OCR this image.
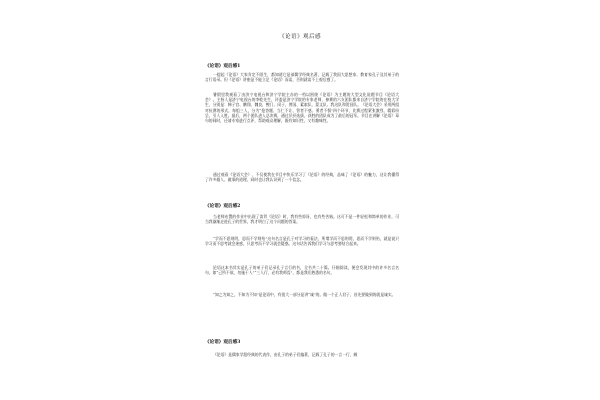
《论语》观后感
《论语》观后感1
一提起《论语》大家肯定不陌生，都知道它是部儒学经典名著，记载了我国大思想家、教育家孔子及其弟子的言行语录。但《论语》讲座是不能立足《论语》而谈，否则就谈不上观后感了。
暑假里我观看了由济宁电视台和济宁学院主办的一档以围绕《论语》为主题的大型文化说题节目《论语大会》。主持人是济宁电视台的李乾先生，评委是济宁学院的专家老师，参赛的六支团队都来自济宁学院的在校大学生，分别是：韩子宫、鹏翔、魏良、鲤门、闵子，曾国、素索队、蒙文队、我这队和贺昌队。《论语大会》采用两组对抗赛的形式，每组三人，分为“抢答题、当仁不让、智者不惑、勇者不惧”四个环节，比赛过程紧张激烈、精彩纷呈，引人入胜。最后，两个团队进入总决赛，通过层层选拔，获胜的团队成为了最后的冠军。节目在讲解《论语》章句的同时，还请专家进行点评，帮助观众理解，既有知识性，又有趣味性。
通过观看《论语大会》，不仅使我在节目中快乐学习了《论语》的经典，品味了《论语》的魅力，这让我懂得了许多做人、做事的道理，同时也让我认识到了一个信念。
《论语》观后感2
当老师布置的作业中出现了读背《论语》时，我有些惊讶，也有些苦恼。这可不是一件轻松和简单的作业，可当我渐渐走进孔子的世界，我才明白了这个问题的答案。
“学而不思则罔，思而不学则殆”这句名言是孔子对学习的看法，所谓学而不思则罔，思而不学则殆，就是说只学习而不思考就会迷惑，只思考而不学习就会疑惑。这句话告诉我们学习与思考要结合起来。
论语这本书其实是孔子的弟子们记录孔子言行的书，全书共二十篇。仔细阅读，便会发现其中的许多名言名句，如“己所不欲，勿施于人”“三人行，必有我师焉”，都是我们熟悉的名句。
“知之为知之，不知为不知”是论语中，有很大一部分是讲“诚”的。做一个正人君子，首先要做到的就是诚实。
《论语》观后感3
《论语》是儒家学派经典的代表作，由孔子的弟子们编著，记载了孔子的一言一行，颇
